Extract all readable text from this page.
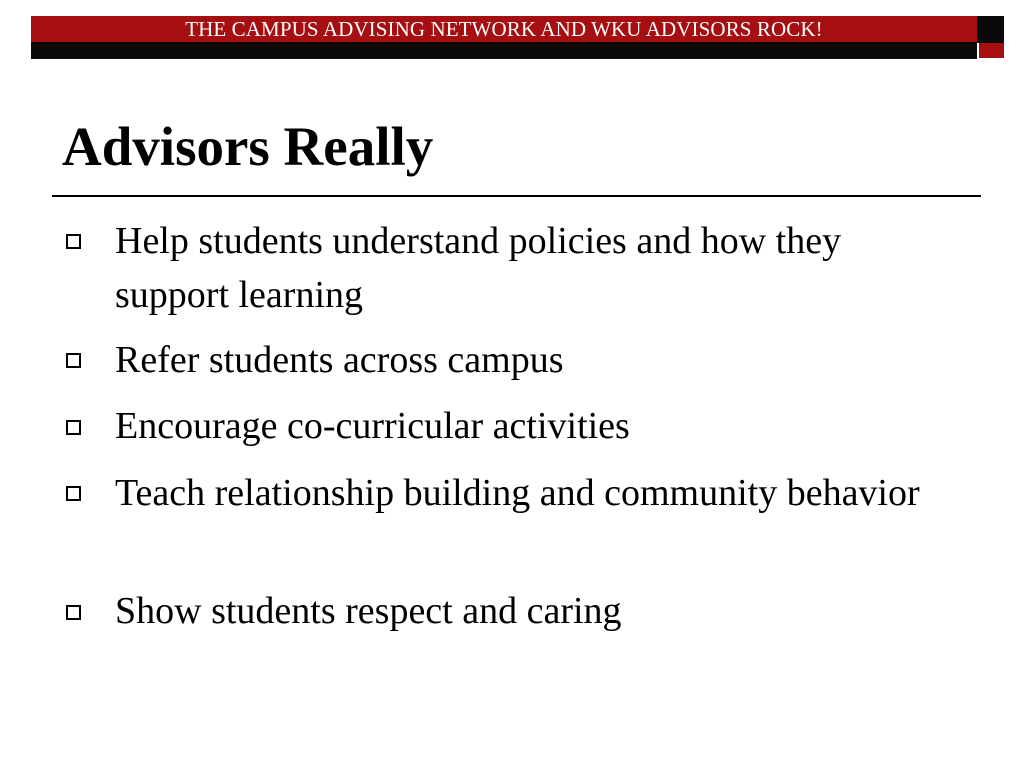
THE CAMPUS ADVISING NETWORK AND WKU ADVISORS ROCK!
Advisors Really

Help students understand policies and how they support learning

Refer students across campus

Encourage co-curricular activities

Teach relationship building and community behavior

Show students respect and caring
